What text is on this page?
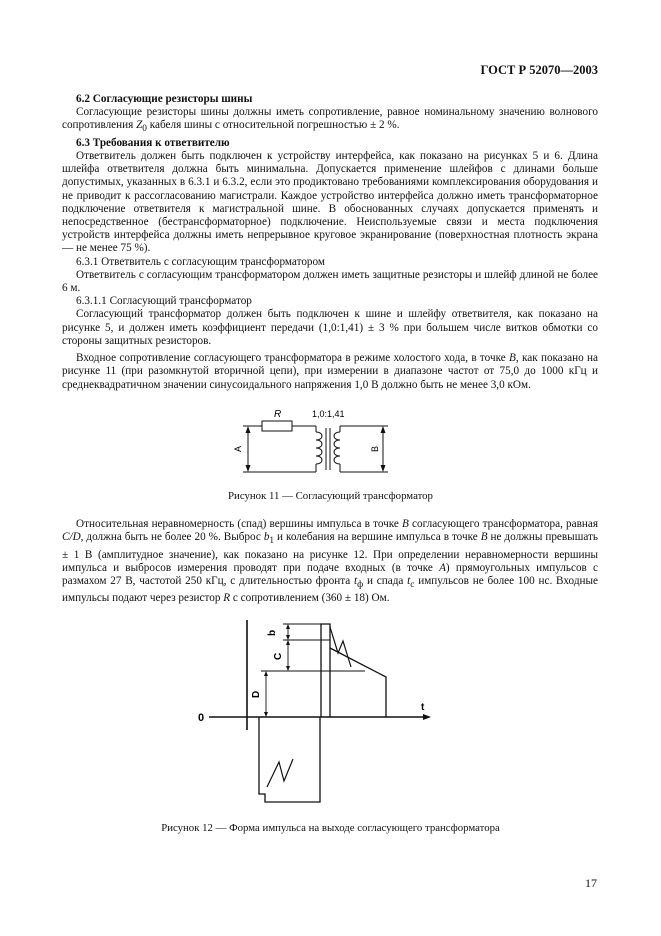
ГОСТ Р 52070—2003

6.2 Согласующие резисторы шины

Согласующие резисторы шины должны иметь сопротивление, равное номинальному значению волнового сопротивления $Z_0$ кабеля шины с относительной погрешностью ± 2 %.

6.3 Требования к ответвителю

Ответвитель должен быть подключен к устройству интерфейса, как показано на рисунках 5 и 6. Длина шлейфа ответвителя должна быть минимальна. Допускается применение шлейфов с длинами больше допустимых, указанных в 6.3.1 и 6.3.2, если это продиктовано требованиями комплексирования оборудования и не приводит к рассогласованию магистрали. Каждое устройство интерфейса должно иметь трансформаторное подключение ответвителя к магистральной шине. В обоснованных случаях допускается применять и непосредственное (бестрансформаторное) подключение. Неиспользуемые связи и места подключения устройств интерфейса должны иметь непрерывное круговое экранирование (поверхностная плотность экрана — не менее 75 %).

6.3.1 Ответвитель с согласующим трансформатором

Ответвитель с согласующим трансформатором должен иметь защитные резисторы и шлейф длиной не более 6 м.

6.3.1.1 Согласующий трансформатор

Согласующий трансформатор должен быть подключен к шине и шлейфу ответвителя, как показано на рисунке 5, и должен иметь коэффициент передачи (1,0:1,41) ± 3 % при большем числе витков обмотки со стороны защитных резисторов.

Входное сопротивление согласующего трансформатора в режиме холостого хода, в точке B, как показано на рисунке 11 (при разомкнутой вторичной цепи), при измерении в диапазоне частот от 75,0 до 1000 кГц и среднеквадратичном значении синусоидального напряжения 1,0 В должно быть не менее 3,0 кОм.

R	1,0:1,41
A	B
Рисунок 11 — Согласующий трансформатор

Относительная неравномерность (спад) вершины импульса в точке B согласующего трансформатора, равная C/D, должна быть не более 20 %. Выброс $b_1$ и колебания на вершине импульса в точке B не должны превышать ± 1 В (амплитудное значение), как показано на рисунке 12. При определении неравномерности вершины импульса и выбросов измерения проводят при подаче входных (в точке A) прямоугольных импульсов с размахом 27 В, частотой 250 кГц, с длительностью фронта $t_ф$ и спада $t_с$ импульсов не более 100 нс. Входные импульсы подают через резистор R с сопротивлением (360 ± 18) Ом.

b
C
D
0
t
Рисунок 12 — Форма импульса на выходе согласующего трансформатора
17
